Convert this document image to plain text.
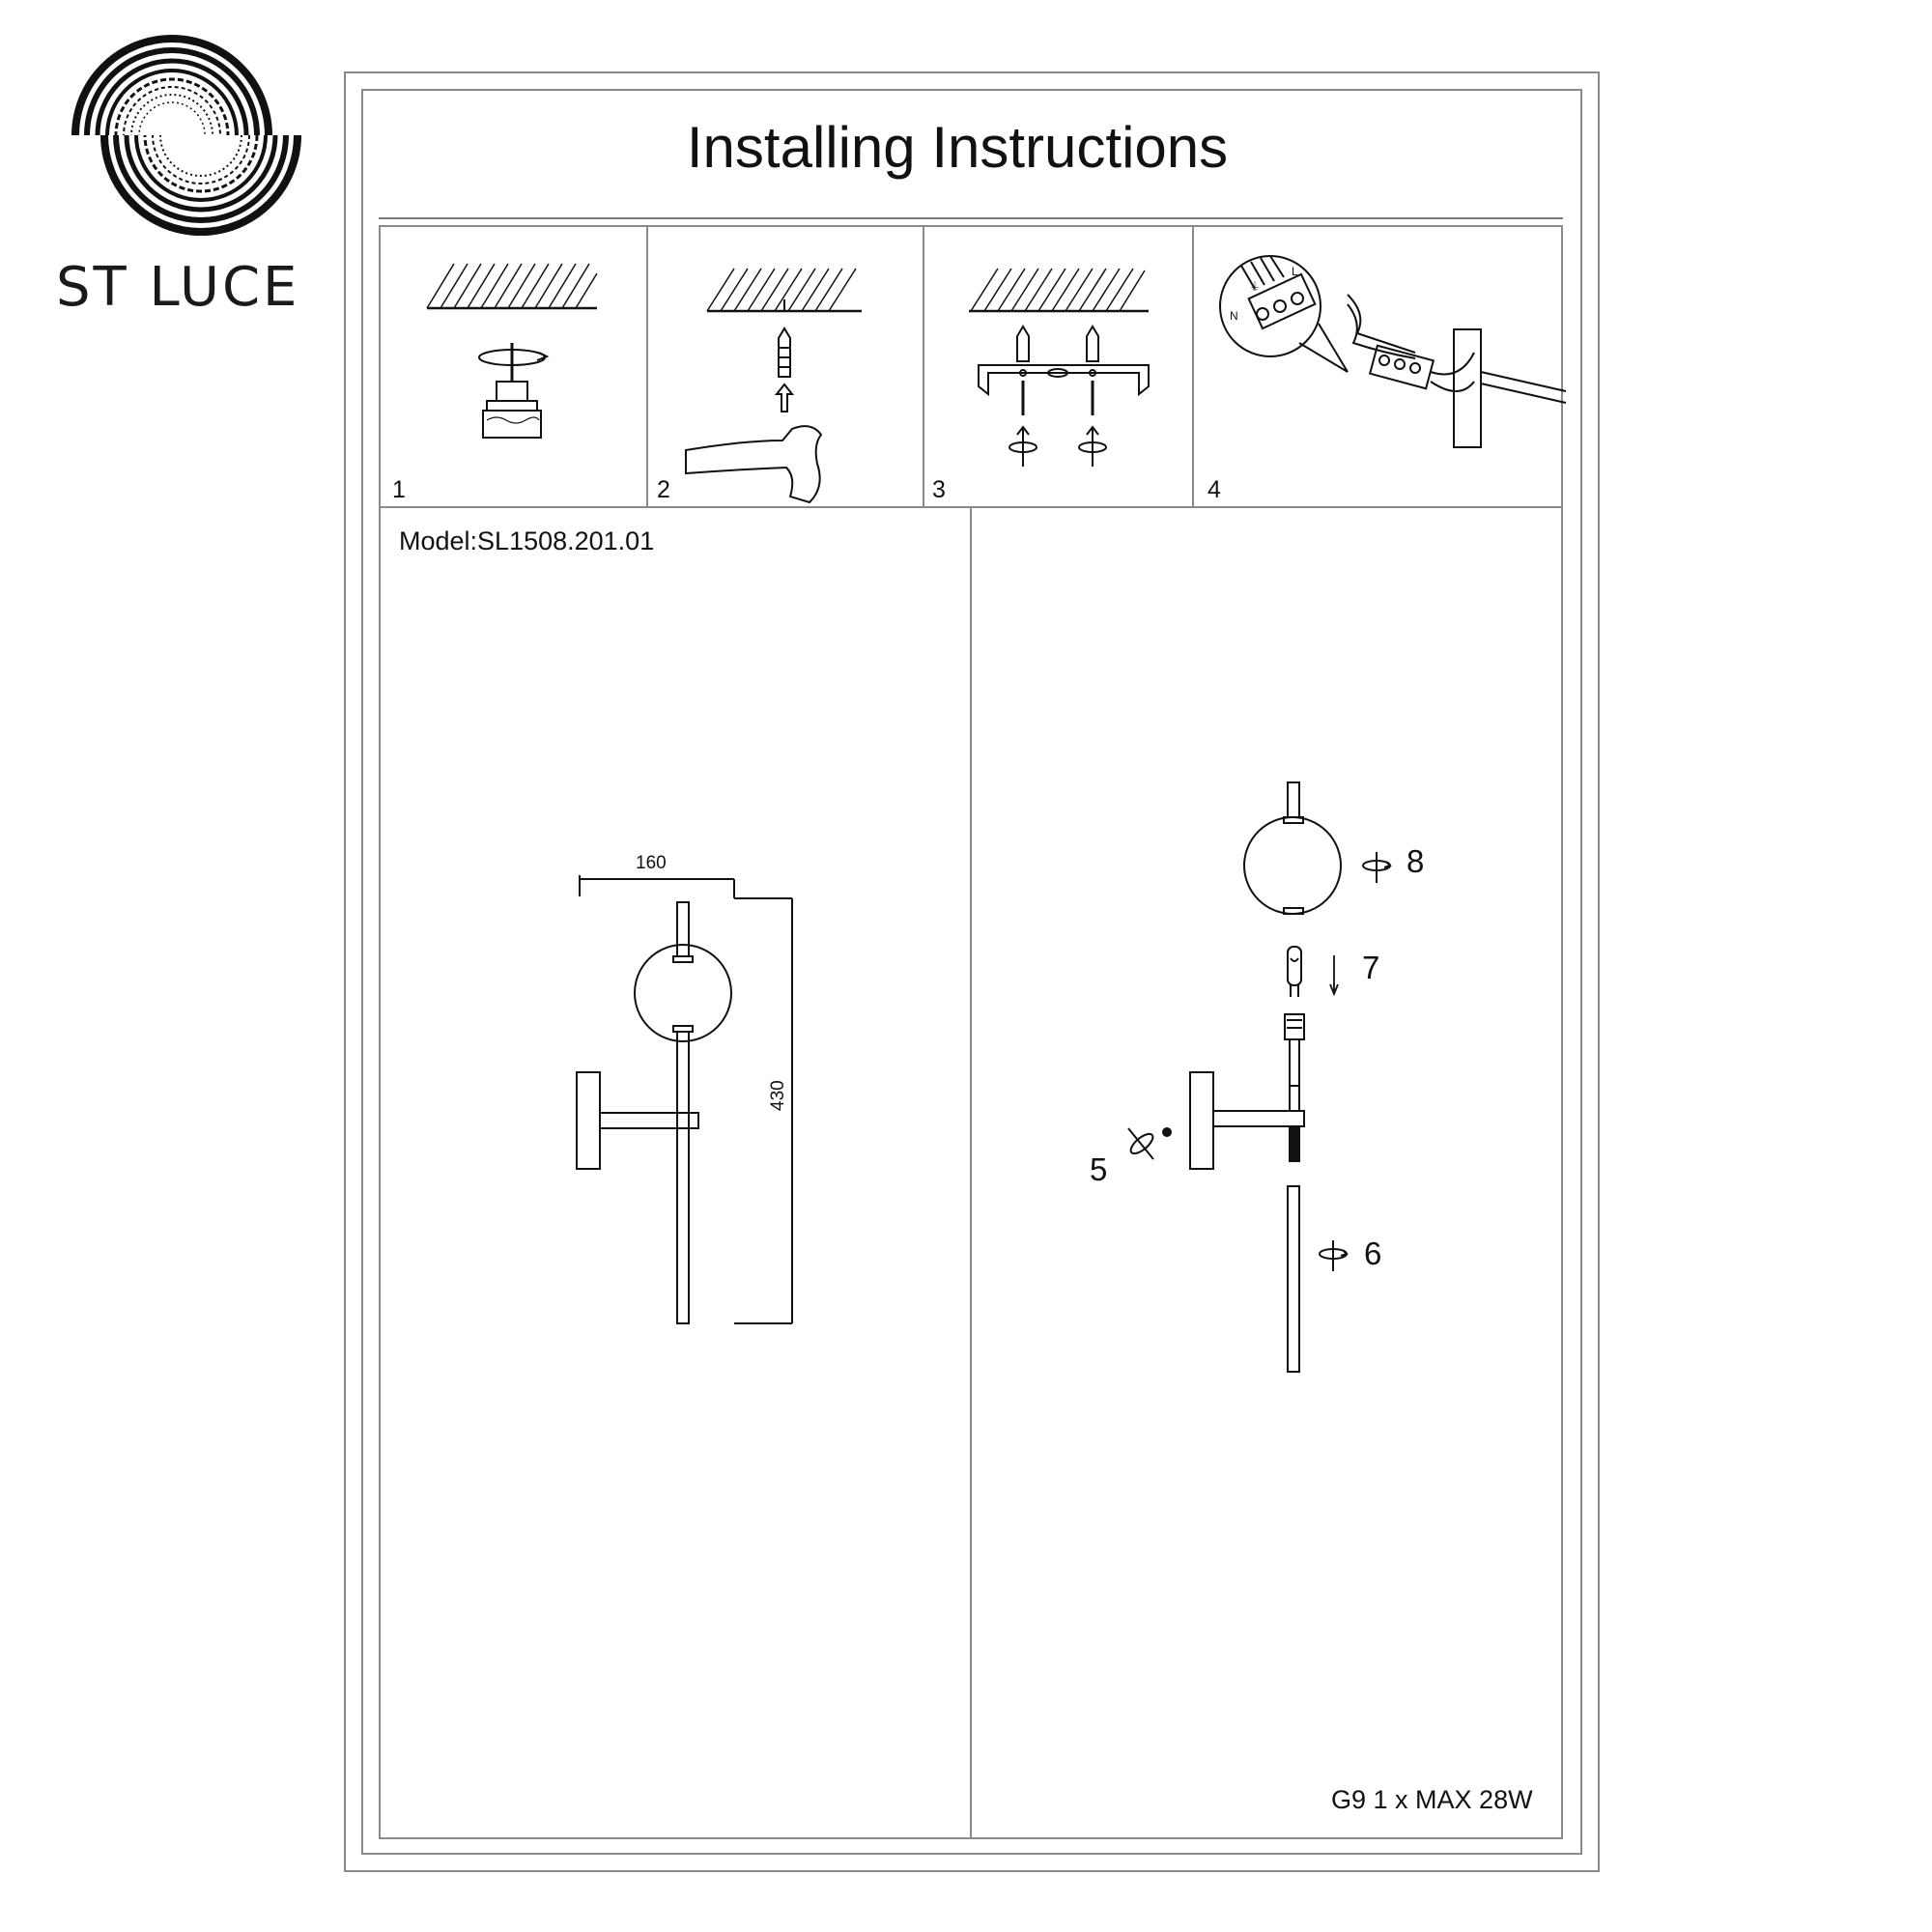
ST LUCE
Installing Instructions
1	2	3
N
⏚
L
4
Model:SL1508.201.01
160
430
8
7
5
6
G9 1 x MAX 28W
